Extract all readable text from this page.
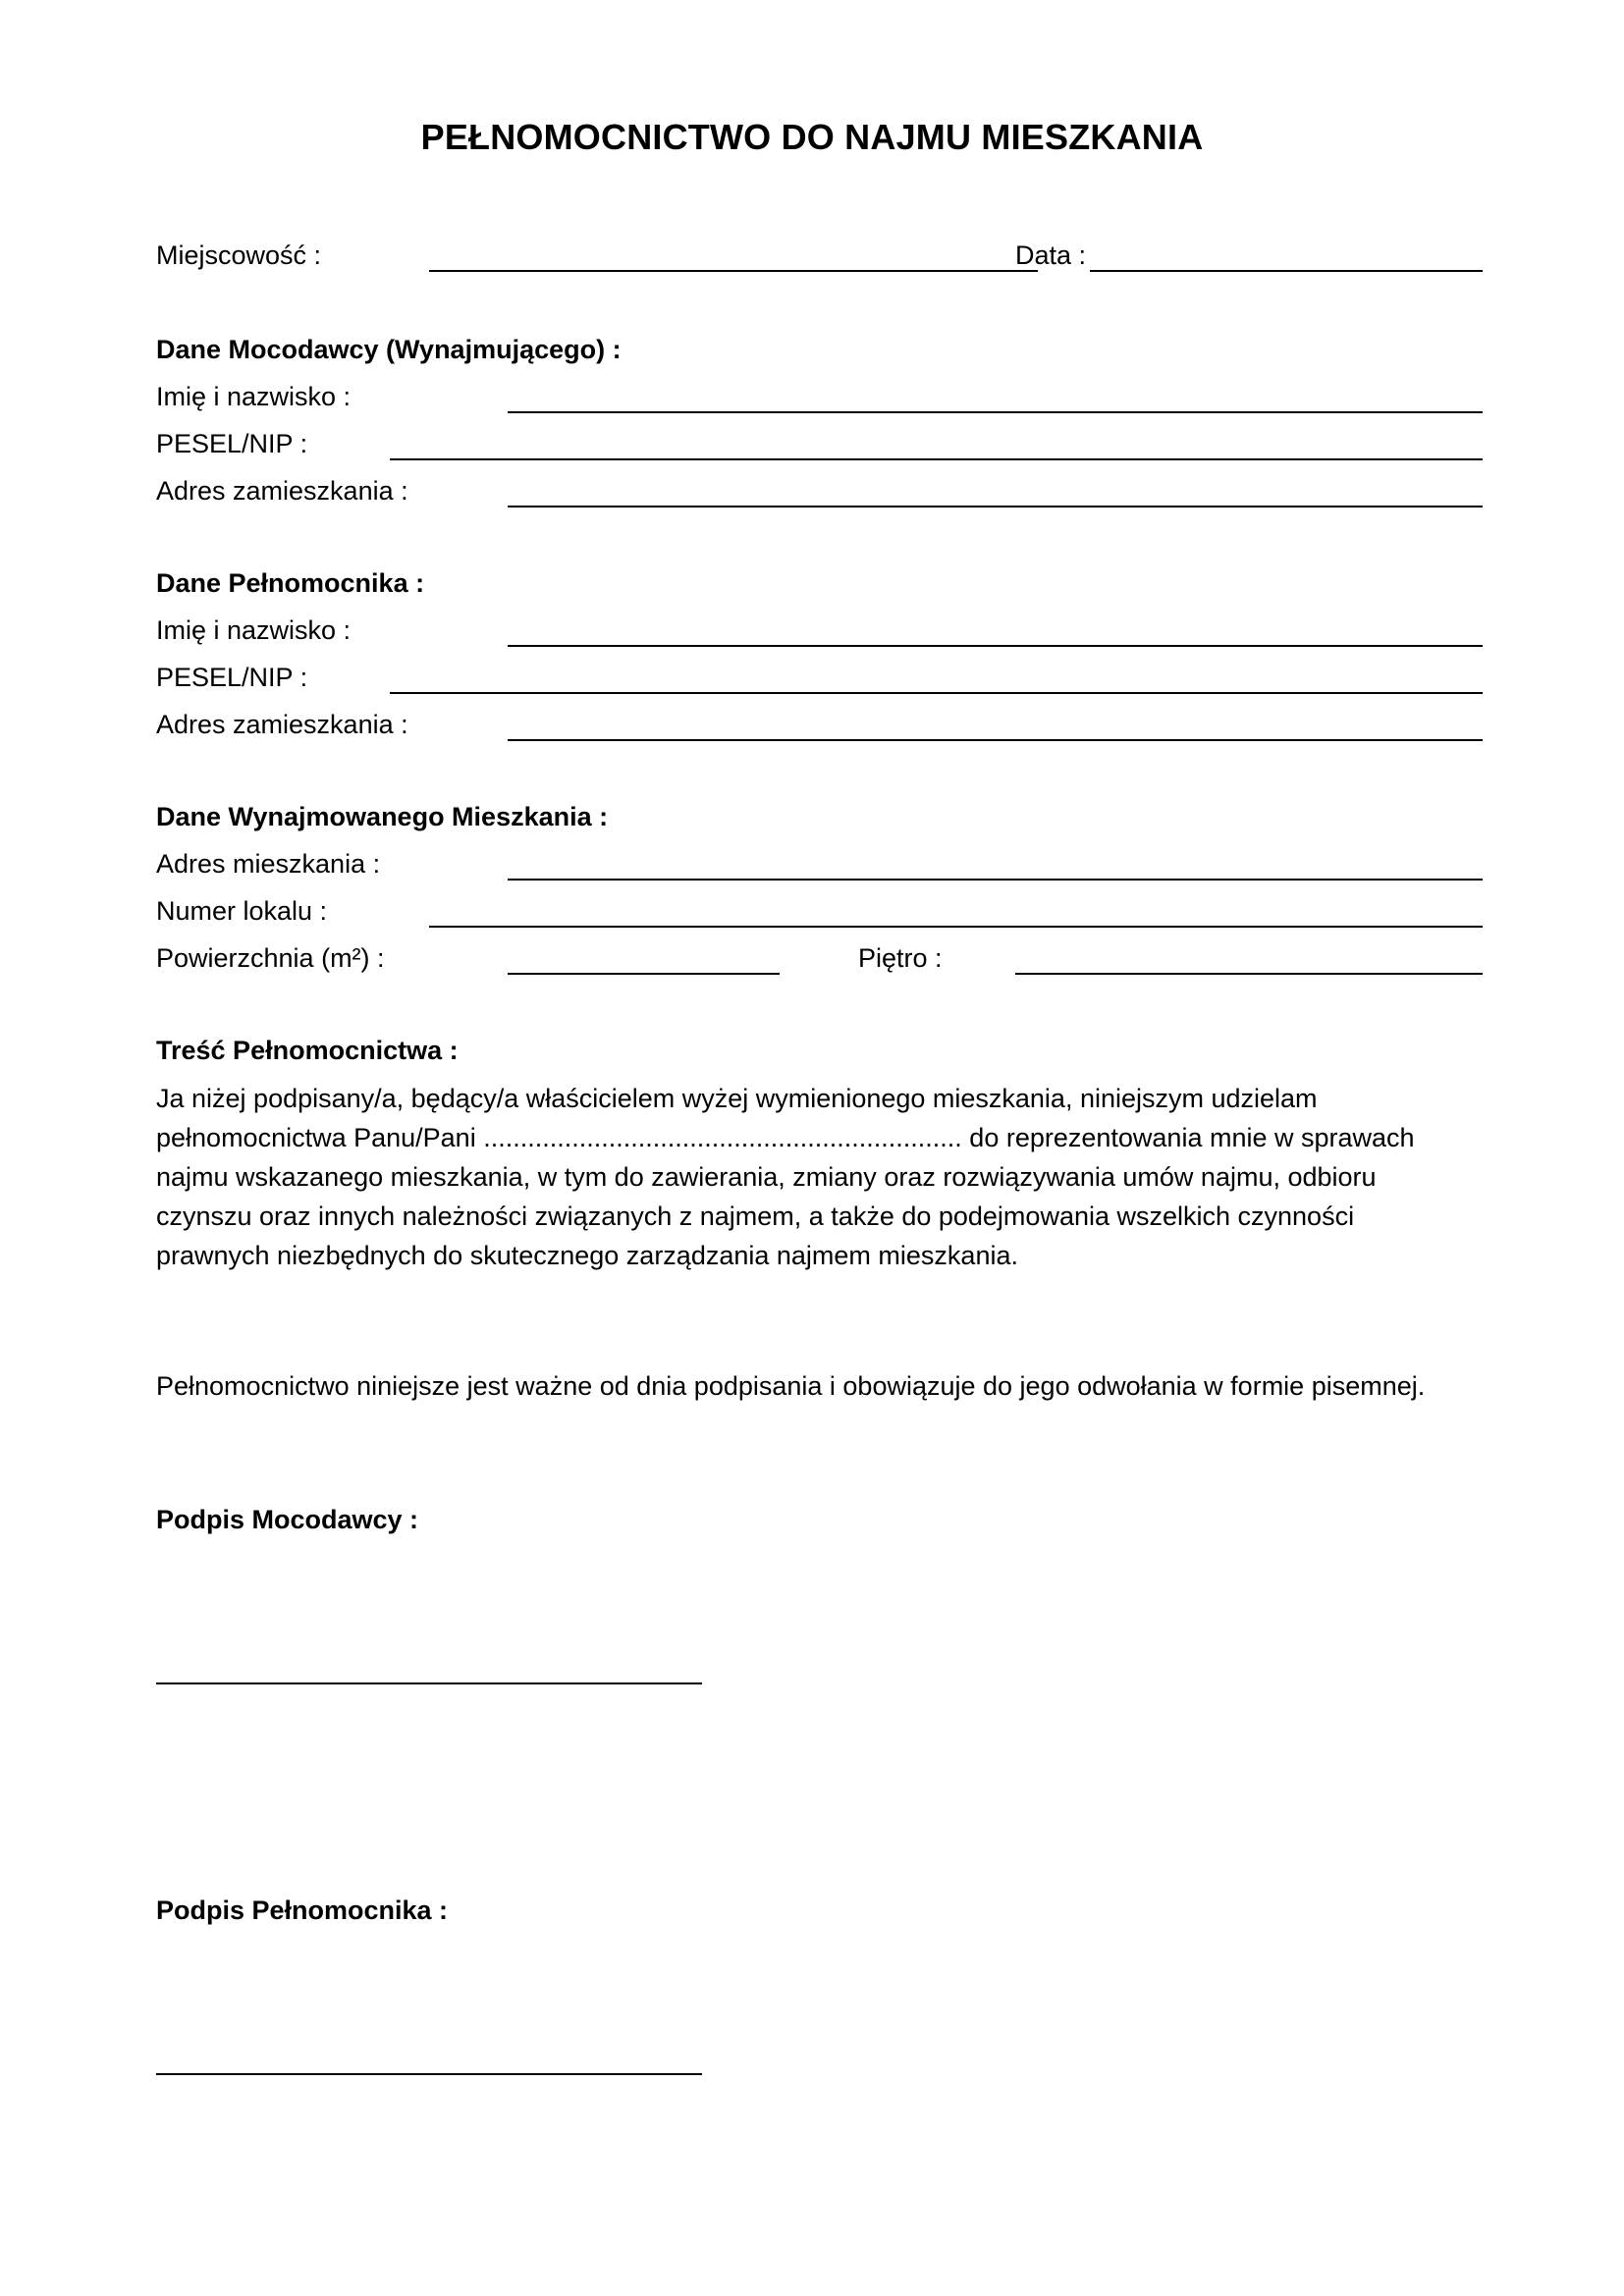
PEŁNOMOCNICTWO DO NAJMU MIESZKANIA
Miejscowość :	Data :
Dane Mocodawcy (Wynajmującego) :
Imię i nazwisko :
PESEL/NIP :
Adres zamieszkania :
Dane Pełnomocnika :
Imię i nazwisko :
PESEL/NIP :
Adres zamieszkania :
Dane Wynajmowanego Mieszkania :
Adres mieszkania :
Numer lokalu :
Powierzchnia (m²) :	Piętro :
Treść Pełnomocnictwa :
Ja niżej podpisany/a, będący/a właścicielem wyżej wymienionego mieszkania, niniejszym udzielam
pełnomocnictwa Panu/Pani ................................................................. do reprezentowania mnie w sprawach
najmu wskazanego mieszkania, w tym do zawierania, zmiany oraz rozwiązywania umów najmu, odbioru
czynszu oraz innych należności związanych z najmem, a także do podejmowania wszelkich czynności
prawnych niezbędnych do skutecznego zarządzania najmem mieszkania.
Pełnomocnictwo niniejsze jest ważne od dnia podpisania i obowiązuje do jego odwołania w formie pisemnej.
Podpis Mocodawcy :
Podpis Pełnomocnika :
